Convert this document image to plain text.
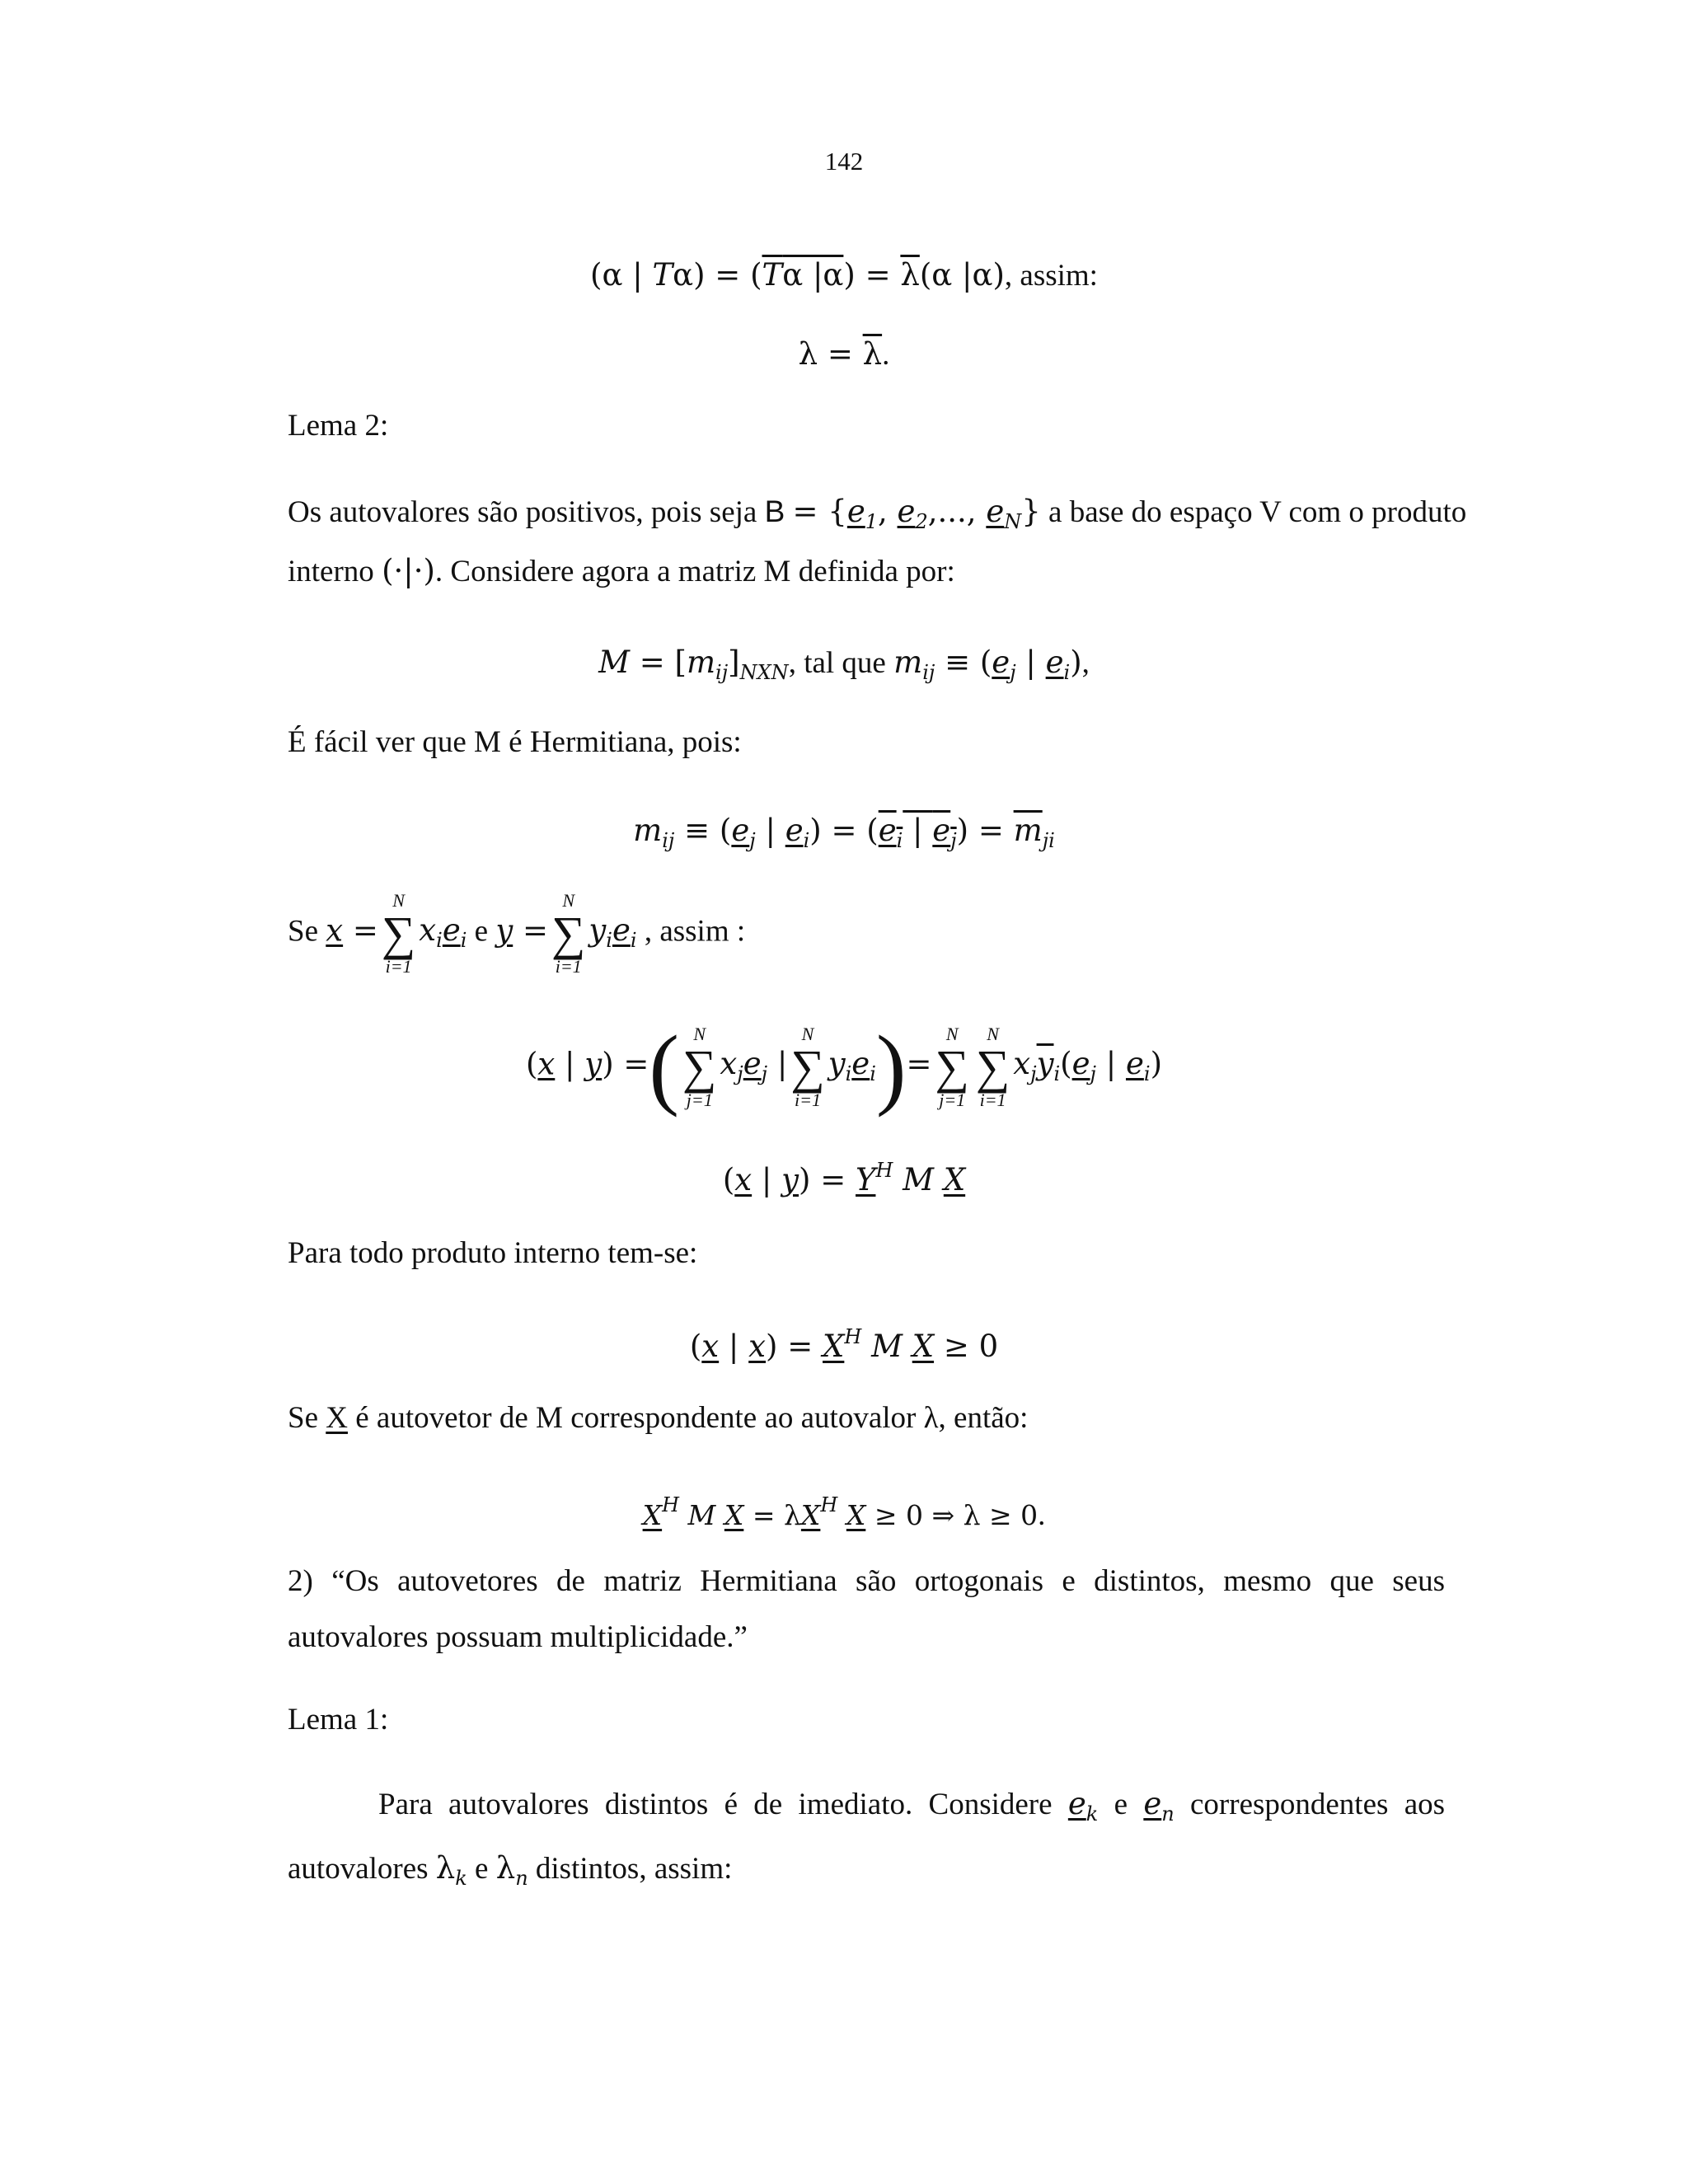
142
(α | Tα) = (Tα $|\alpha) = \overline{\lambda}(\alpha$ |α), assim:
$\lambda = \overline{\lambda}$.
Lema 2:
Os autovalores são positivos, pois seja $B = \{e_1$, $e_2$,..., $e_N$} a base do espaço V com o produto
interno (·|·). Considere agora a matriz M definida por:
$M = [m_{ij}]_{NXN}$, tal que $m_{ij} \equiv (e_j$ | $e_i$),
É fácil ver que M é Hermitiana, pois:
$m_{ij} \equiv (e_j$ | $e_i) = (e_i$ | $e_j) = \overline{m}_{ji}$
Se x =
N
∑
i=1
$x_ie_i$ e y =
N
∑
i=1
$y_ie_i$ , assim :
(x | y) =( N
∑
j=1
$x_je_j$ |
N
∑
i=1
$y_ie_i)=$
N
∑
j=1
N
∑
i=1
$x_j\overline{y}_i(e_j$ | $e_i$)
(x | $y) = Y^H$ M X
Para todo produto interno tem-se:
(x | $x) = X^H$ M X ≥ 0
Se X é autovetor de M correspondente ao autovalor λ, então:
$X^H$ M $X = \lambda X^H$ X ≥ 0 ⇒ λ ≥ 0.
2) “Os autovetores de matriz Hermitiana são ortogonais e distintos, mesmo que seus
autovalores possuam multiplicidade.”
Lema 1:
Para autovalores distintos é de imediato. Considere $e_k$ e $e_n$ correspondentes aos
autovalores $\lambda_k$ e $\lambda_n$ distintos, assim:
